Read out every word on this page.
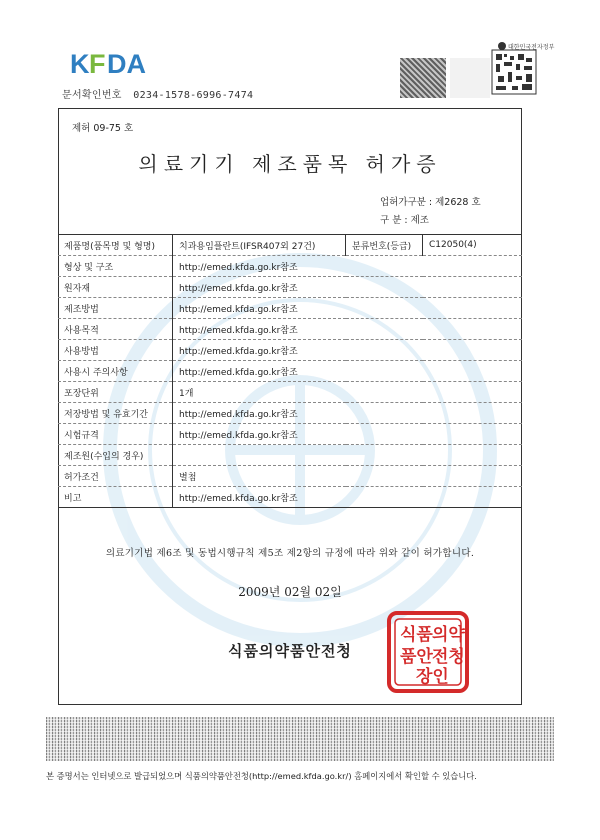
K F DA
문서확인번호 0234-1578-6996-7474
대한민국전자정부
제허 09-75 호
의료기기 제조품목 허가증
업허가구분 : 제2628 호
구 분 : 제조
제품명(품목명 및 형명)	치과용임플란트(IFSR407외 27건)	분류번호(등급)	C12050(4)
형상 및 구조	http://emed.kfda.go.kr참조		
원자재	http://emed.kfda.go.kr참조		
제조방법	http://emed.kfda.go.kr참조		
사용목적	http://emed.kfda.go.kr참조		
사용방법	http://emed.kfda.go.kr참조		
사용시 주의사항	http://emed.kfda.go.kr참조		
포장단위	1개		
저장방법 및 유효기간	http://emed.kfda.go.kr참조		
시험규격	http://emed.kfda.go.kr참조		
제조원(수입의 경우)			
허가조건	별첨		
비고	http://emed.kfda.go.kr참조		
의료기기법 제6조 및 동법시행규칙 제5조 제2항의 규정에 따라 위와 같이 허가합니다.
2009년 02월 02일
식품의약품안전청
식품 의약
품안 전청
장인
본 증명서는 인터넷으로 발급되었으며 식품의약품안전청(http://emed.kfda.go.kr/) 홈페이지에서 확인할 수 있습니다.
